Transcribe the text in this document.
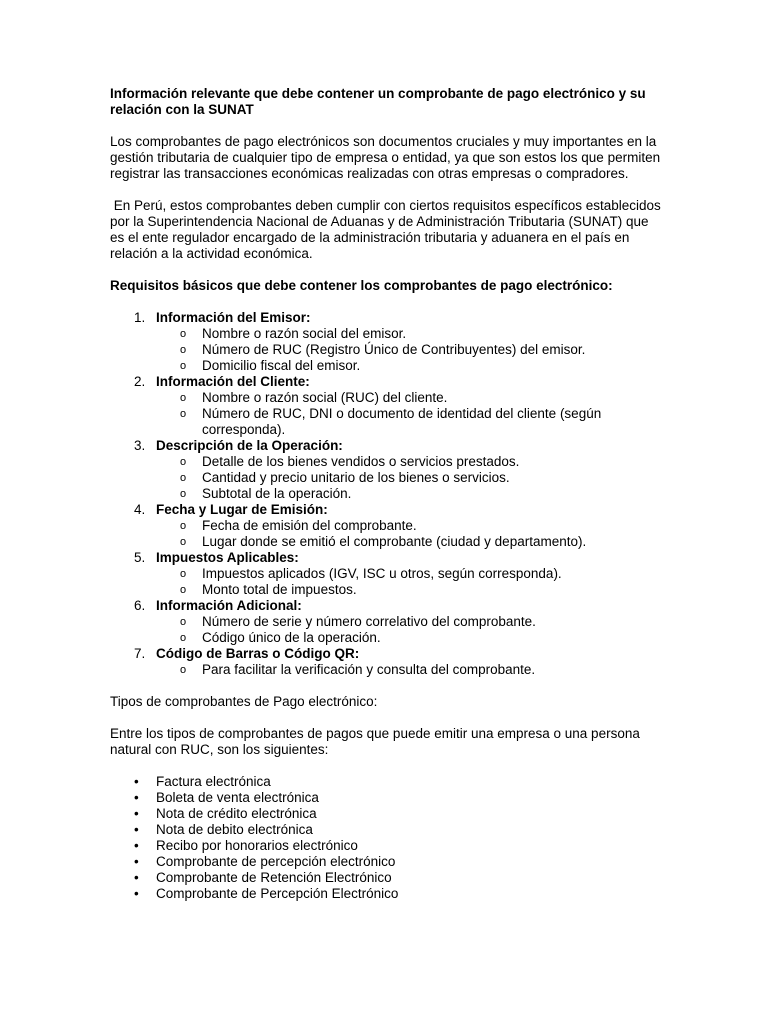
Información relevante que debe contener un comprobante de pago electrónico y su relación con la SUNAT

Los comprobantes de pago electrónicos son documentos cruciales y muy importantes en la gestión tributaria de cualquier tipo de empresa o entidad, ya que son estos los que permiten registrar las transacciones económicas realizadas con otras empresas o compradores.

En Perú, estos comprobantes deben cumplir con ciertos requisitos específicos establecidos por la Superintendencia Nacional de Aduanas y de Administración Tributaria (SUNAT) que es el ente regulador encargado de la administración tributaria y aduanera en el país en relación a la actividad económica.

Requisitos básicos que debe contener los comprobantes de pago electrónico:
1. Información del Emisor:
o Nombre o razón social del emisor.
o Número de RUC (Registro Único de Contribuyentes) del emisor.
o Domicilio fiscal del emisor.
2. Información del Cliente:
o Nombre o razón social (RUC) del cliente.
o Número de RUC, DNI o documento de identidad del cliente (según corresponda).
3. Descripción de la Operación:
o Detalle de los bienes vendidos o servicios prestados.
o Cantidad y precio unitario de los bienes o servicios.
o Subtotal de la operación.
4. Fecha y Lugar de Emisión:
o Fecha de emisión del comprobante.
o Lugar donde se emitió el comprobante (ciudad y departamento).
5. Impuestos Aplicables:
o Impuestos aplicados (IGV, ISC u otros, según corresponda).
o Monto total de impuestos.
6. Información Adicional:
o Número de serie y número correlativo del comprobante.
o Código único de la operación.
7. Código de Barras o Código QR:
o Para facilitar la verificación y consulta del comprobante.

Tipos de comprobantes de Pago electrónico:

Entre los tipos de comprobantes de pagos que puede emitir una empresa o una persona natural con RUC, son los siguientes:

• Factura electrónica
• Boleta de venta electrónica
• Nota de crédito electrónica
• Nota de debito electrónica
• Recibo por honorarios electrónico
• Comprobante de percepción electrónico
• Comprobante de Retención Electrónico
• Comprobante de Percepción Electrónico
